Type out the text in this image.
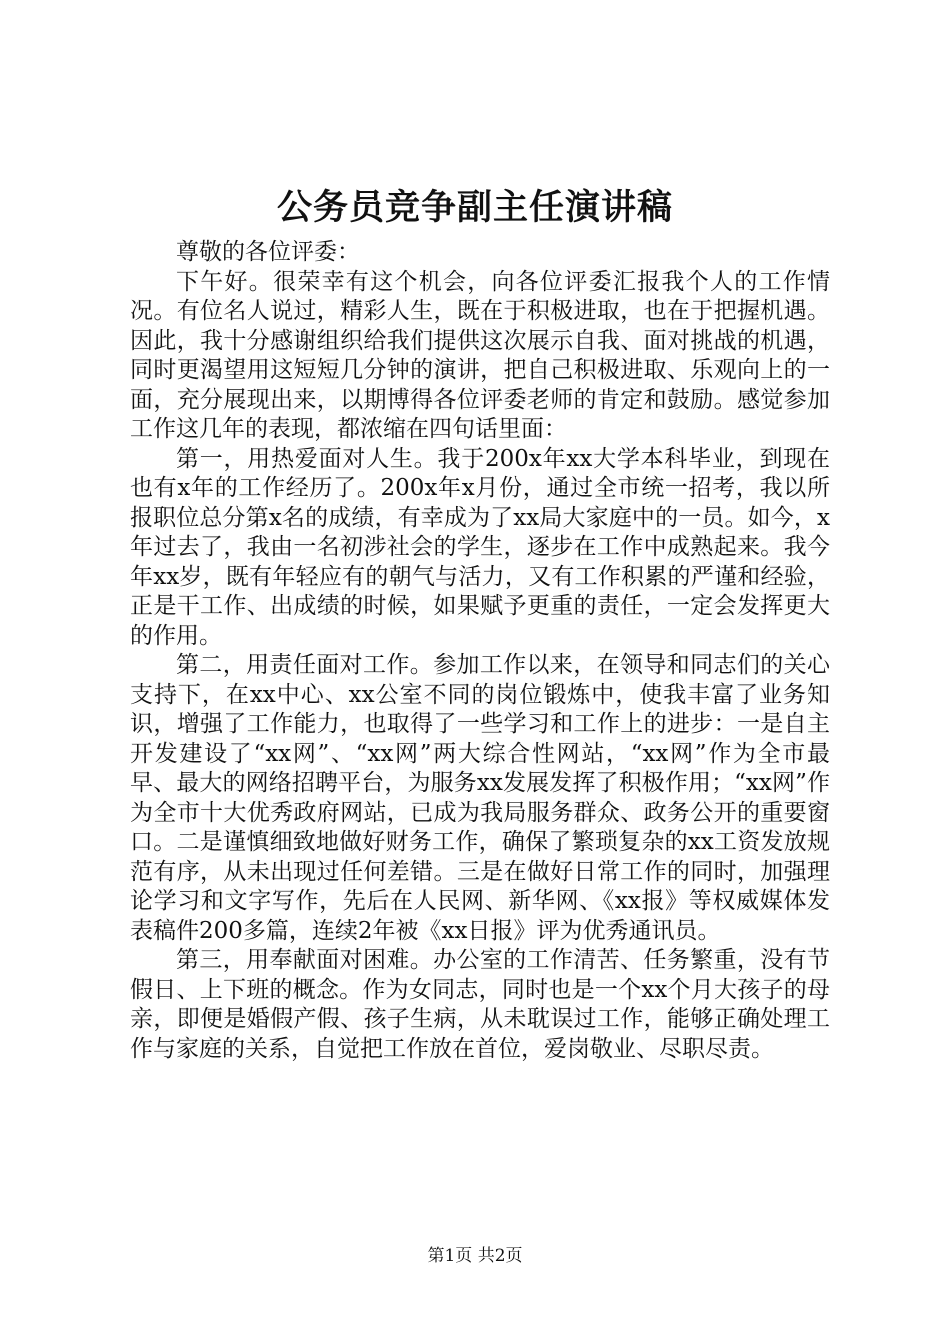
公务员竞争副主任演讲稿

尊敬的各位评委：

下午好。很荣幸有这个机会，向各位评委汇报我个人的工作情况。有位名人说过，精彩人生，既在于积极进取，也在于把握机遇。因此，我十分感谢组织给我们提供这次展示自我、面对挑战的机遇，同时更渴望用这短短几分钟的演讲，把自己积极进取、乐观向上的一面，充分展现出来，以期博得各位评委老师的肯定和鼓励。感觉参加工作这几年的表现，都浓缩在四句话里面：

第一，用热爱面对人生。我于200x年xx大学本科毕业，到现在也有x年的工作经历了。200x年x月份，通过全市统一招考，我以所报职位总分第x名的成绩，有幸成为了xx局大家庭中的一员。如今，x年过去了，我由一名初涉社会的学生，逐步在工作中成熟起来。我今年xx岁，既有年轻应有的朝气与活力，又有工作积累的严谨和经验，正是干工作、出成绩的时候，如果赋予更重的责任，一定会发挥更大的作用。

第二，用责任面对工作。参加工作以来，在领导和同志们的关心支持下，在xx中心、xx公室不同的岗位锻炼中，使我丰富了业务知识，增强了工作能力，也取得了一些学习和工作上的进步：一是自主开发建设了“xx网”、“xx网”两大综合性网站，“xx网”作为全市最早、最大的网络招聘平台，为服务xx发展发挥了积极作用；“xx网”作为全市十大优秀政府网站，已成为我局服务群众、政务公开的重要窗口。二是谨慎细致地做好财务工作，确保了繁琐复杂的xx工资发放规范有序，从未出现过任何差错。三是在做好日常工作的同时，加强理论学习和文字写作，先后在人民网、新华网、《xx报》等权威媒体发表稿件200多篇，连续2年被《xx日报》评为优秀通讯员。

第三，用奉献面对困难。办公室的工作清苦、任务繁重，没有节假日、上下班的概念。作为女同志，同时也是一个xx个月大孩子的母亲，即便是婚假产假、孩子生病，从未耽误过工作，能够正确处理工作与家庭的关系，自觉把工作放在首位，爱岗敬业、尽职尽责。

第1页 共2页
